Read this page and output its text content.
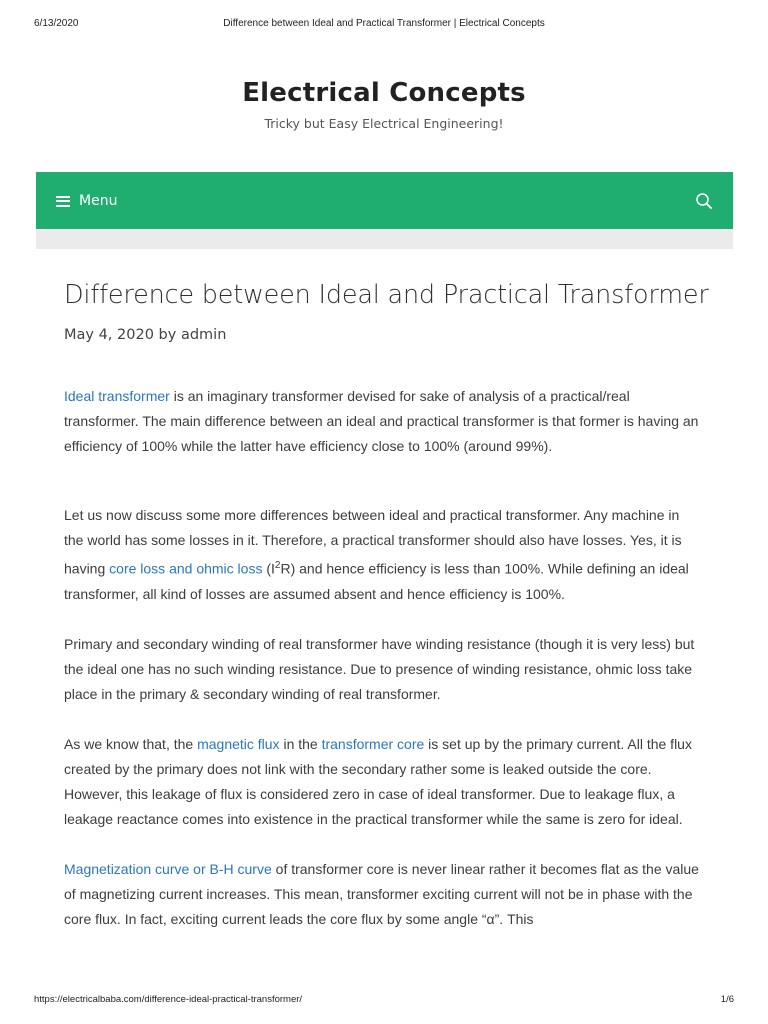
6/13/2020	Difference between Ideal and Practical Transformer | Electrical Concepts
Electrical Concepts
Tricky but Easy Electrical Engineering!
Menu
Difference between Ideal and Practical Transformer
May 4, 2020 by admin

Ideal transformer is an imaginary transformer devised for sake of analysis of a practical/real transformer. The main difference between an ideal and practical transformer is that former is having an efficiency of 100% while the latter have efficiency close to 100% (around 99%).

Let us now discuss some more differences between ideal and practical transformer. Any machine in the world has some losses in it. Therefore, a practical transformer should also have losses. Yes, it is having core loss and ohmic loss $(I^2R)$ and hence efficiency is less than 100%. While defining an ideal transformer, all kind of losses are assumed absent and hence efficiency is 100%.

Primary and secondary winding of real transformer have winding resistance (though it is very less) but the ideal one has no such winding resistance. Due to presence of winding resistance, ohmic loss take place in the primary & secondary winding of real transformer.

As we know that, the magnetic flux in the transformer core is set up by the primary current. All the flux created by the primary does not link with the secondary rather some is leaked outside the core. However, this leakage of flux is considered zero in case of ideal transformer. Due to leakage flux, a leakage reactance comes into existence in the practical transformer while the same is zero for ideal.

Magnetization curve or B-H curve of transformer core is never linear rather it becomes flat as the value of magnetizing current increases. This mean, transformer exciting current will not be in phase with the core flux. In fact, exciting current leads the core flux by some angle “α”. This

https://electricalbaba.com/difference-ideal-practical-transformer/	1/6
